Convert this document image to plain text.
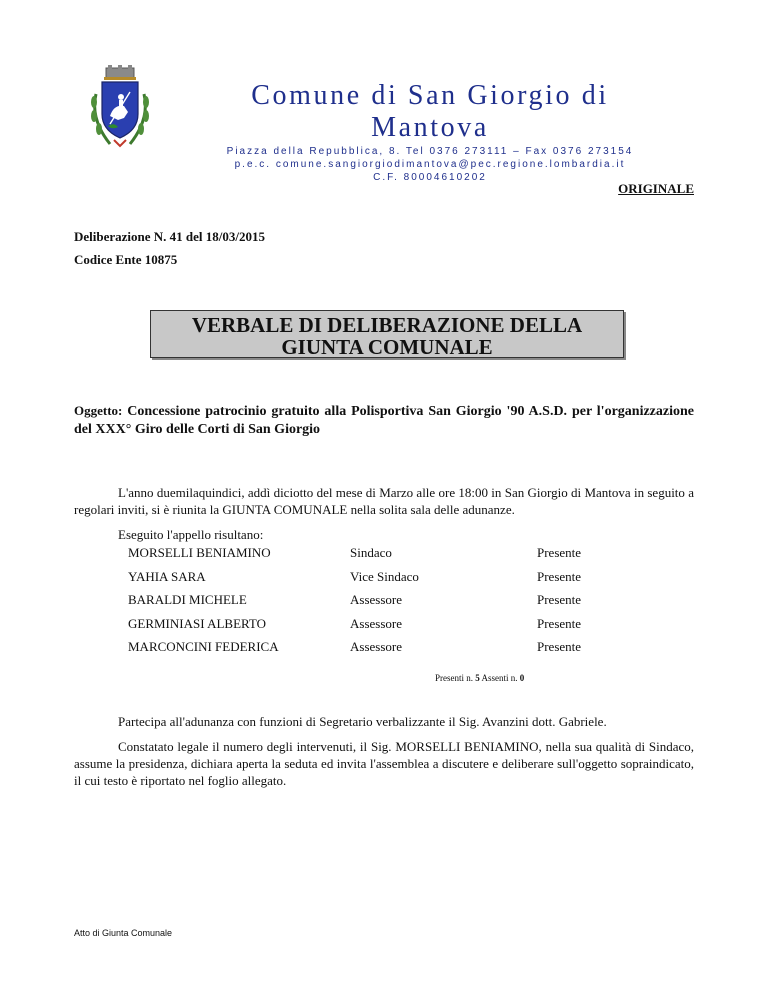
Comune di San Giorgio di Mantova
Piazza della Repubblica, 8. Tel 0376 273111 – Fax 0376 273154
p.e.c. comune.sangiorgiodimantova@pec.regione.lombardia.it
C.F. 80004610202
ORIGINALE
Deliberazione N. 41 del 18/03/2015
Codice Ente 10875
VERBALE DI DELIBERAZIONE DELLA
GIUNTA COMUNALE
Oggetto: Concessione patrocinio gratuito alla Polisportiva San Giorgio '90 A.S.D. per l'organizzazione del XXX° Giro delle Corti di San Giorgio
L'anno duemilaquindici, addì diciotto del mese di Marzo alle ore 18:00 in San Giorgio di Mantova in seguito a regolari inviti, si è riunita la GIUNTA COMUNALE nella solita sala delle adunanze.
Eseguito l'appello risultano:
MORSELLI BENIAMINO	Sindaco	Presente
YAHIA SARA	Vice Sindaco	Presente
BARALDI MICHELE	Assessore	Presente
GERMINIASI ALBERTO	Assessore	Presente
MARCONCINI FEDERICA	Assessore	Presente
Presenti n. 5 Assenti n. 0
Partecipa all'adunanza con funzioni di Segretario verbalizzante il Sig. Avanzini dott. Gabriele.
Constatato legale il numero degli intervenuti, il Sig. MORSELLI BENIAMINO, nella sua qualità di Sindaco, assume la presidenza, dichiara aperta la seduta ed invita l'assemblea a discutere e deliberare sull'oggetto sopraindicato, il cui testo è riportato nel foglio allegato.
Atto di Giunta Comunale
